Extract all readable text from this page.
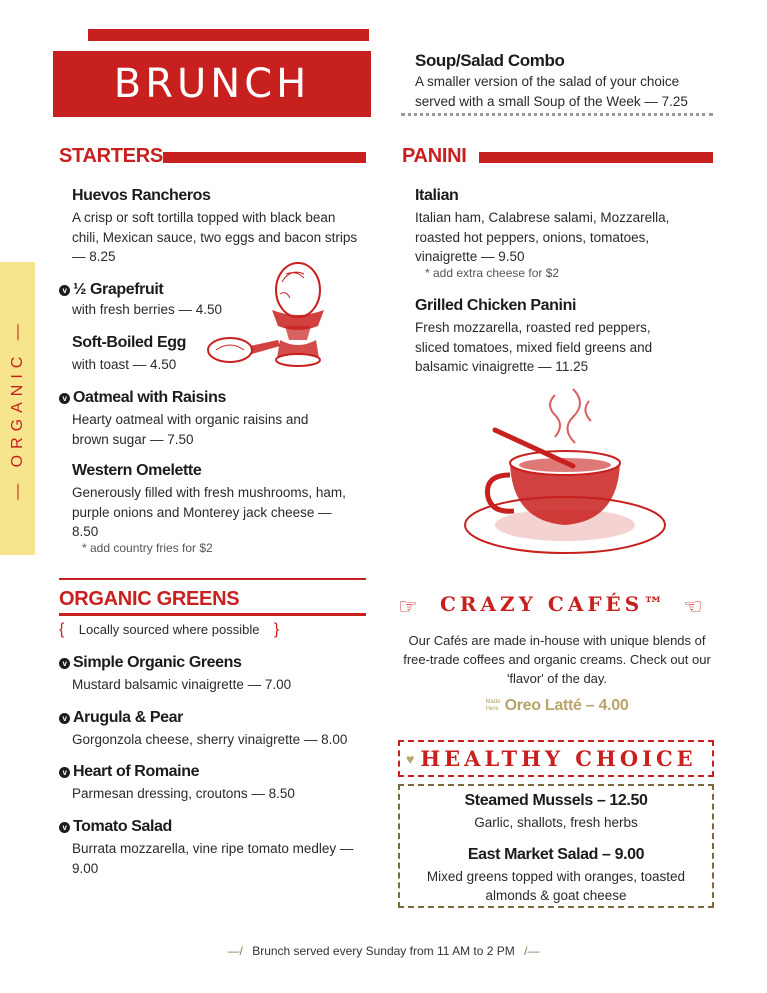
BRUNCH
— ORGANIC —
Soup/Salad Combo
A smaller version of the salad of your choice served with a small Soup of the Week — 7.25
STARTERS
Huevos Rancheros
A crisp or soft tortilla topped with black bean chili, Mexican sauce, two eggs and bacon strips — 8.25
v ½ Grapefruit
with fresh berries — 4.50
Soft-Boiled Egg
with toast — 4.50
v Oatmeal with Raisins
Hearty oatmeal with organic raisins and brown sugar — 7.50
Western Omelette
Generously filled with fresh mushrooms, ham, purple onions and Monterey jack cheese — 8.50
* add country fries for $2
PANINI
Italian
Italian ham, Calabrese salami, Mozzarella, roasted hot peppers, onions, tomatoes, vinaigrette — 9.50
* add extra cheese for $2
Grilled Chicken Panini
Fresh mozzarella, roasted red peppers, sliced tomatoes, mixed field greens and balsamic vinaigrette — 11.25
ORGANIC GREENS
{ Locally sourced where possible }
v Simple Organic Greens
Mustard balsamic vinaigrette — 7.00
v Arugula & Pear
Gorgonzola cheese, sherry vinaigrette — 8.00
v Heart of Romaine
Parmesan dressing, croutons — 8.50
v Tomato Salad
Burrata mozzarella, vine ripe tomato medley — 9.00
☞ CRAZY CAFÉS™ ☜
Our Cafés are made in-house with unique blends of free-trade coffees and organic creams. Check out our 'flavor' of the day.
Made
Here Oreo Latté – 4.00
♥ HEALTHY CHOICE
Steamed Mussels – 12.50
Garlic, shallots, fresh herbs
East Market Salad – 9.00
Mixed greens topped with oranges, toasted almonds & goat cheese
—/ Brunch served every Sunday from 11 AM to 2 PM /—
